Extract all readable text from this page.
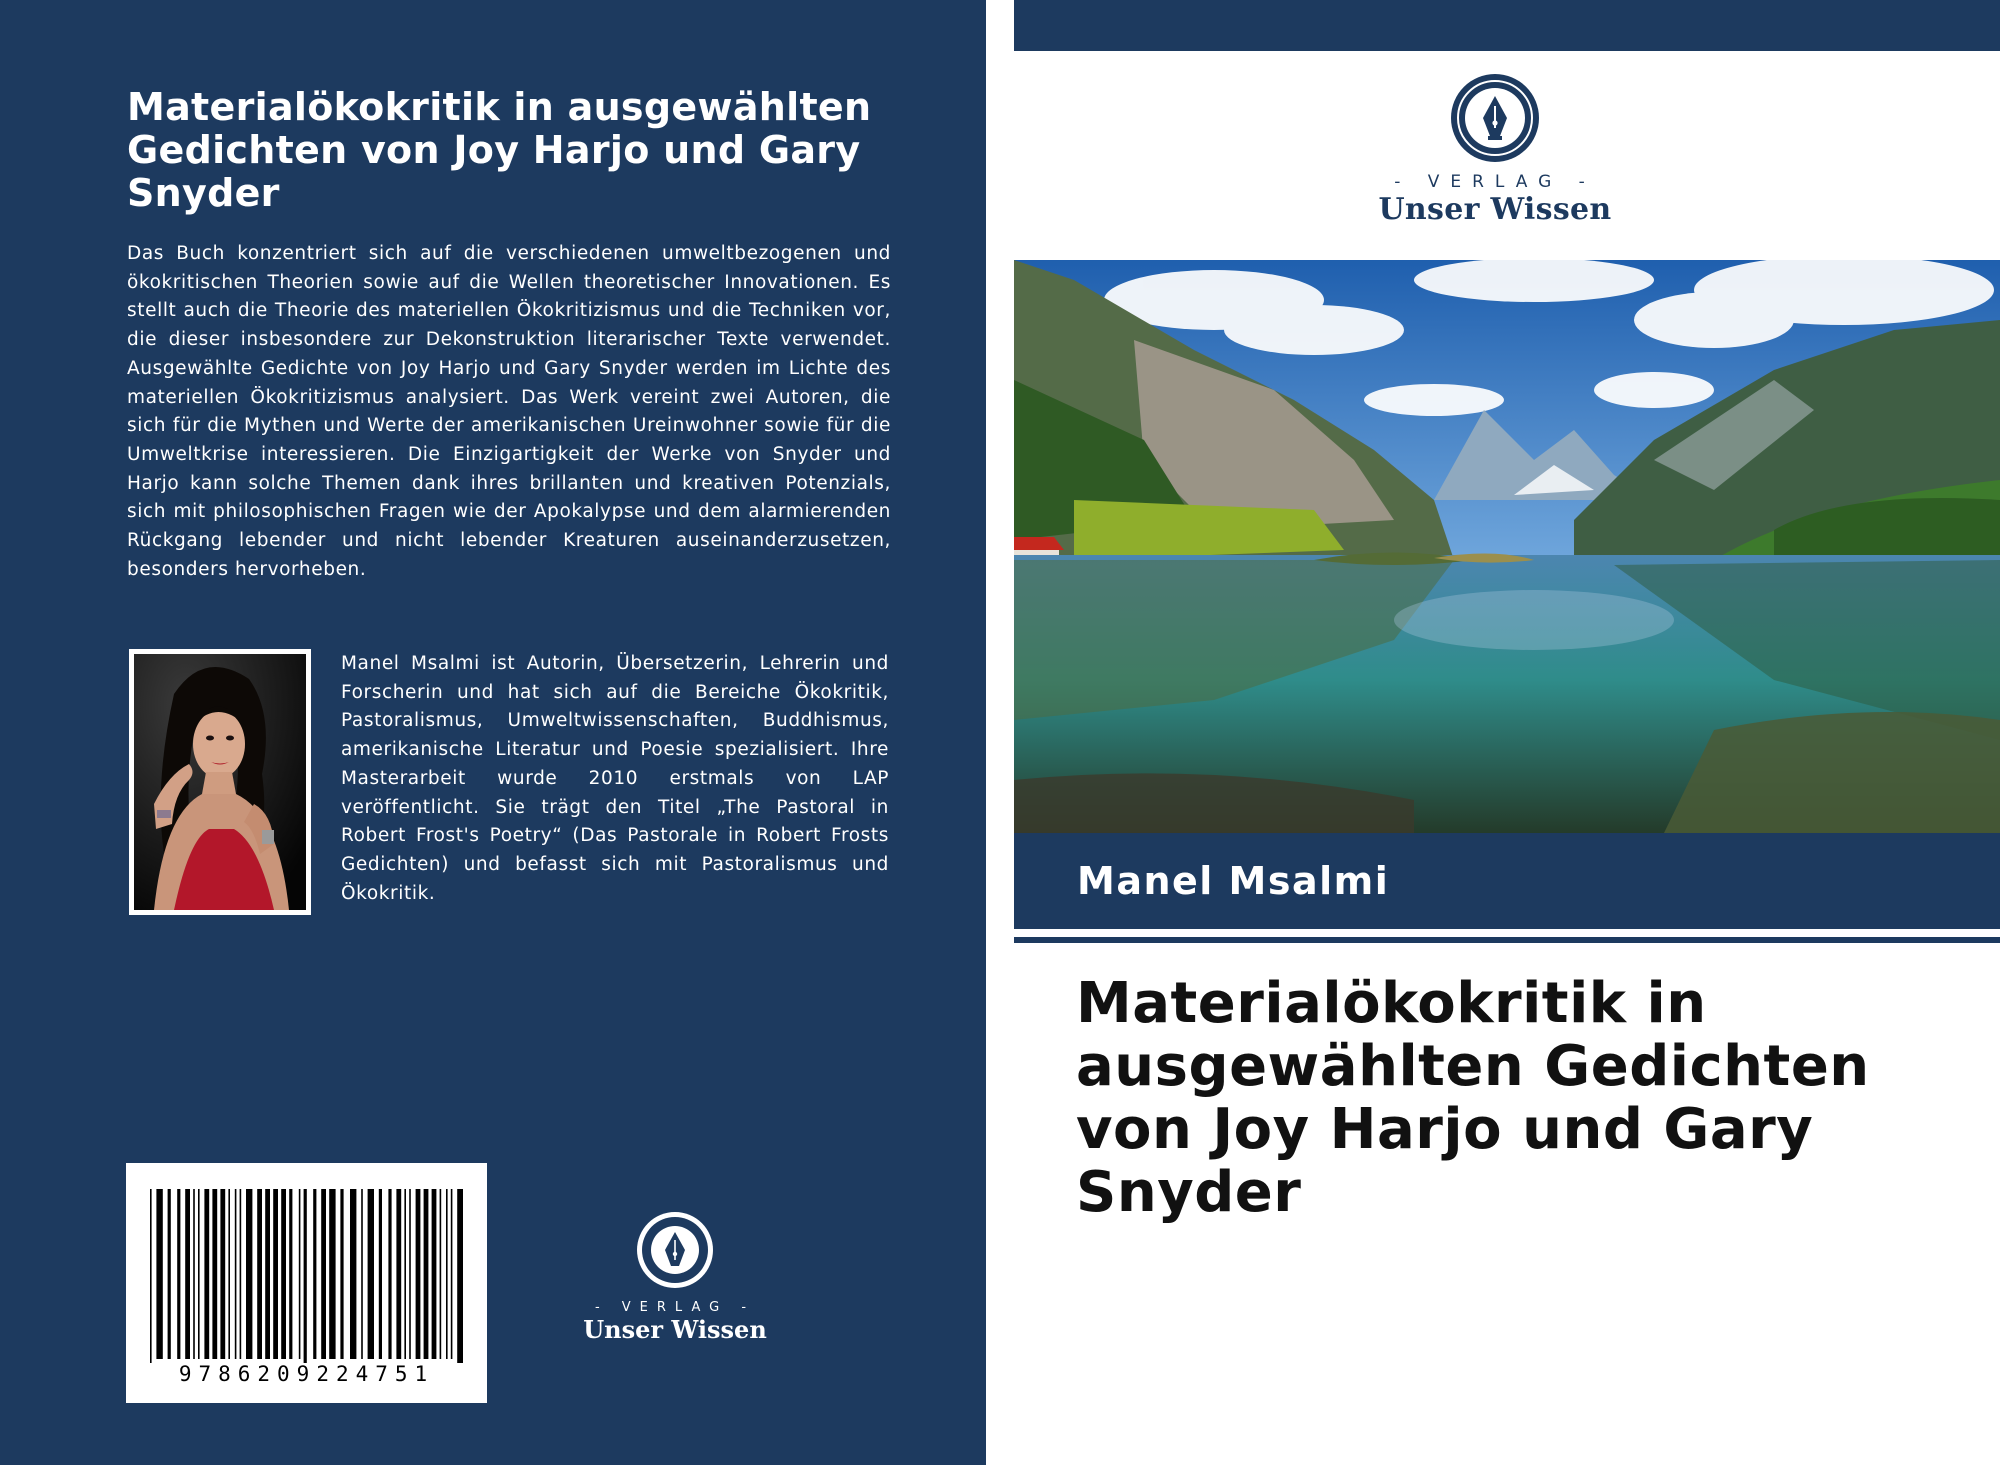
Materialökokritik in ausgewählten Gedichten von Joy Harjo und Gary Snyder

Das Buch konzentriert sich auf die verschiedenen umweltbezogenen und ökokritischen Theorien sowie auf die Wellen theoretischer Innovationen. Es stellt auch die Theorie des materiellen Ökokritizismus und die Techniken vor, die dieser insbesondere zur Dekonstruktion literarischer Texte verwendet. Ausgewählte Gedichte von Joy Harjo und Gary Snyder werden im Lichte des materiellen Ökokritizismus analysiert. Das Werk vereint zwei Autoren, die sich für die Mythen und Werte der amerikanischen Ureinwohner sowie für die Umweltkrise interessieren. Die Einzigartigkeit der Werke von Snyder und Harjo kann solche Themen dank ihres brillanten und kreativen Potenzials, sich mit philosophischen Fragen wie der Apokalypse und dem alarmierenden Rückgang lebender und nicht lebender Kreaturen auseinanderzusetzen, besonders hervorheben.

Manel Msalmi ist Autorin, Übersetzerin, Lehrerin und Forscherin und hat sich auf die Bereiche Ökokritik, Pastoralismus, Umweltwissenschaften, Buddhismus, amerikanische Literatur und Poesie spezialisiert. Ihre Masterarbeit wurde 2010 erstmals von LAP veröffentlicht. Sie trägt den Titel „The Pastoral in Robert Frost's Poetry“ (Das Pastorale in Robert Frosts Gedichten) und befasst sich mit Pastoralismus und Ökokritik.

9786209224751
- VERLAG -
Unser Wissen
- VERLAG -
Unser Wissen
Manel Msalmi
Materialökokritik in ausgewählten Gedichten von Joy Harjo und Gary Snyder
